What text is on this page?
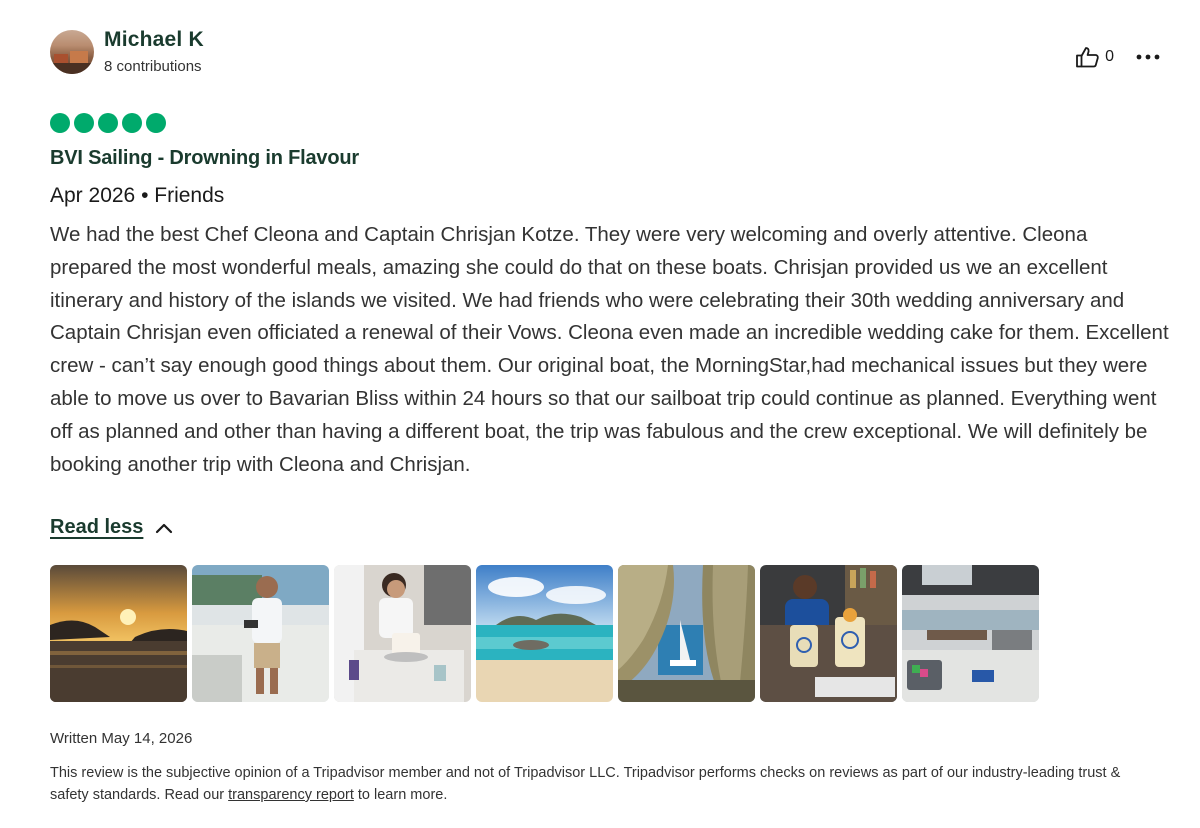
Michael K
8 contributions
0
BVI Sailing - Drowning in Flavour
Apr 2026 • Friends
We had the best Chef Cleona and Captain Chrisjan Kotze. They were very welcoming and overly attentive. Cleona prepared the most wonderful meals, amazing she could do that on these boats. Chrisjan provided us we an excellent itinerary and history of the islands we visited. We had friends who were celebrating their 30th wedding anniversary and Captain Chrisjan even officiated a renewal of their Vows. Cleona even made an incredible wedding cake for them. Excellent crew - can’t say enough good things about them. Our original boat, the MorningStar,had mechanical issues but they were able to move us over to Bavarian Bliss within 24 hours so that our sailboat trip could continue as planned. Everything went off as planned and other than having a different boat, the trip was fabulous and the crew exceptional. We will definitely be booking another trip with Cleona and Chrisjan.
Read less
Written May 14, 2026
This review is the subjective opinion of a Tripadvisor member and not of Tripadvisor LLC. Tripadvisor performs checks on reviews as part of our industry-leading trust & safety standards. Read our transparency report to learn more.
